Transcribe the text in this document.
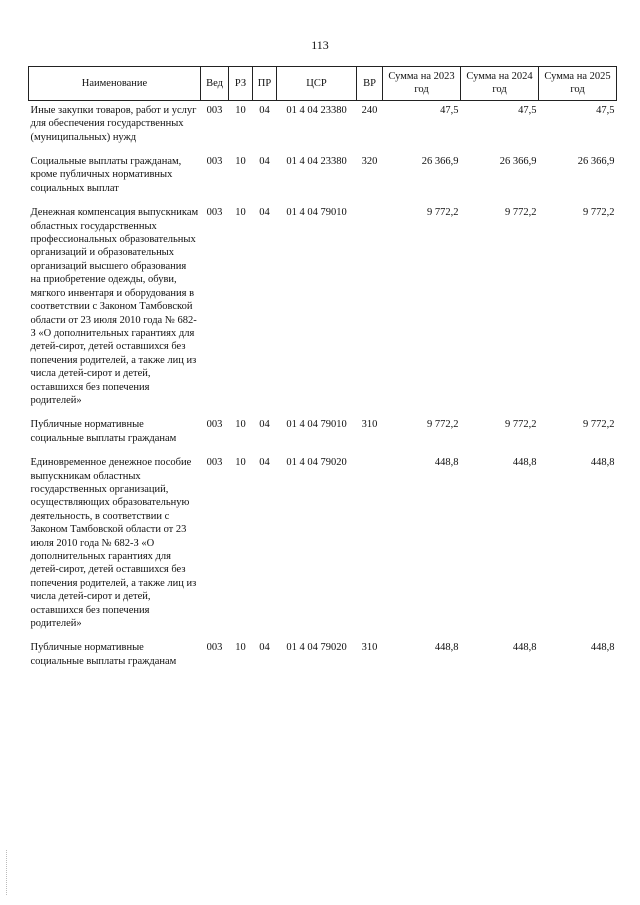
113
Наименование	Вед	РЗ	ПР	ЦСР	ВР	Сумма на 2023 год	Сумма на 2024 год	Сумма на 2025 год
Иные закупки товаров, работ и услуг для обеспечения государственных (муниципальных) нужд	003	10	04	01 4 04 23380	240	47,5	47,5	47,5
Социальные выплаты гражданам, кроме публичных нормативных социальных выплат	003	10	04	01 4 04 23380	320	26 366,9	26 366,9	26 366,9
Денежная компенсация выпускникам областных государственных профессиональных образовательных организаций и образовательных организаций высшего образования на приобретение одежды, обуви, мягкого инвентаря и оборудования в соответствии с Законом Тамбовской области от 23 июля 2010 года № 682-З «О дополнительных гарантиях для детей-сирот, детей оставшихся без попечения родителей, а также лиц из числа детей-сирот и детей, оставшихся без попечения родителей»	003	10	04	01 4 04 79010		9 772,2	9 772,2	9 772,2
Публичные нормативные социальные выплаты гражданам	003	10	04	01 4 04 79010	310	9 772,2	9 772,2	9 772,2
Единовременное денежное пособие выпускникам областных государственных организаций, осуществляющих образовательную деятельность, в соответствии с Законом Тамбовской области от 23 июля 2010 года № 682-З «О дополнительных гарантиях для детей-сирот, детей оставшихся без попечения родителей, а также лиц из числа детей-сирот и детей, оставшихся без попечения родителей»	003	10	04	01 4 04 79020		448,8	448,8	448,8
Публичные нормативные социальные выплаты гражданам	003	10	04	01 4 04 79020	310	448,8	448,8	448,8
